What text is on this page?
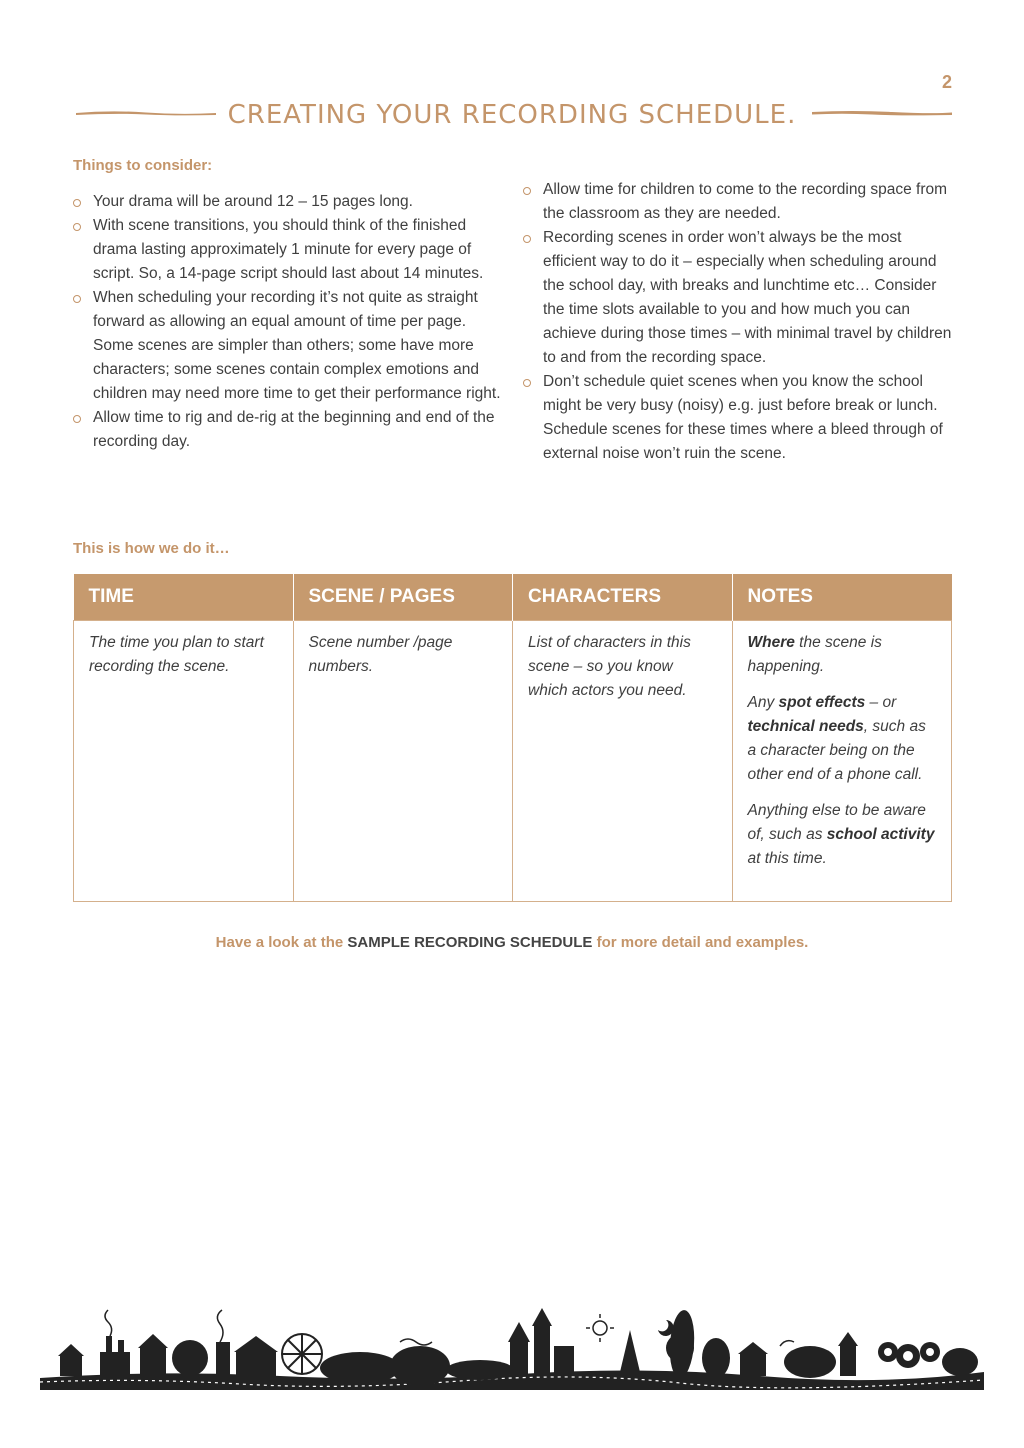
2
CREATING YOUR RECORDING SCHEDULE.
Things to consider:
Your drama will be around 12 – 15 pages long.
With scene transitions, you should think of the finished drama lasting approximately 1 minute for every page of script. So, a 14-page script should last about 14 minutes.
When scheduling your recording it’s not quite as straight forward as allowing an equal amount of time per page. Some scenes are simpler than others; some have more characters; some scenes contain complex emotions and children may need more time to get their performance right.
Allow time to rig and de-rig at the beginning and end of the recording day.
Allow time for children to come to the recording space from the classroom as they are needed.
Recording scenes in order won’t always be the most efficient way to do it – especially when scheduling around the school day, with breaks and lunchtime etc… Consider the time slots available to you and how much you can achieve during those times – with minimal travel by children to and from the recording space.
Don’t schedule quiet scenes when you know the school might be very busy (noisy) e.g. just before break or lunch. Schedule scenes for these times where a bleed through of external noise won’t ruin the scene.
This is how we do it…
TIME	SCENE / PAGES	CHARACTERS	NOTES
The time you plan to start recording the scene.	Scene number /page numbers.	List of characters in this scene – so you know which actors you need.	Where the scene is happening.

Any spot effects – or technical needs, such as a character being on the other end of a phone call.

Anything else to be aware of, such as school activity at this time.

Have a look at the SAMPLE RECORDING SCHEDULE for more detail and examples.
